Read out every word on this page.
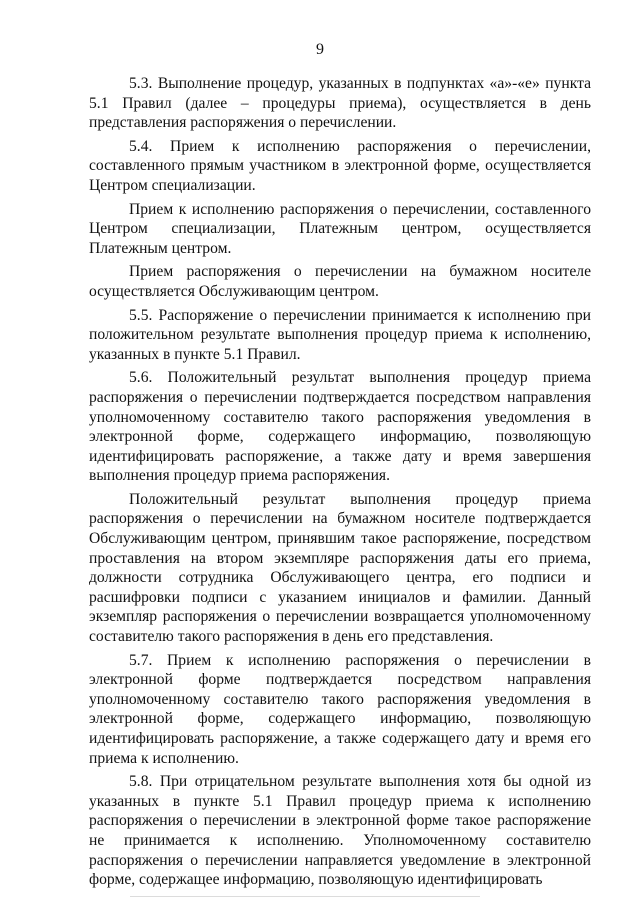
9

5.3. Выполнение процедур, указанных в подпунктах «а»-«е» пункта 5.1 Правил (далее – процедуры приема), осуществляется в день представления распоряжения о перечислении.

5.4. Прием к исполнению распоряжения о перечислении, составленного прямым участником в электронной форме, осуществляется Центром специализации.

Прием к исполнению распоряжения о перечислении, составленного Центром специализации, Платежным центром, осуществляется Платежным центром.

Прием распоряжения о перечислении на бумажном носителе осуществляется Обслуживающим центром.

5.5. Распоряжение о перечислении принимается к исполнению при положительном результате выполнения процедур приема к исполнению, указанных в пункте 5.1 Правил.

5.6. Положительный результат выполнения процедур приема распоряжения о перечислении подтверждается посредством направления уполномоченному составителю такого распоряжения уведомления в электронной форме, содержащего информацию, позволяющую идентифицировать распоряжение, а также дату и время завершения выполнения процедур приема распоряжения.

Положительный результат выполнения процедур приема распоряжения о перечислении на бумажном носителе подтверждается Обслуживающим центром, принявшим такое распоряжение, посредством проставления на втором экземпляре распоряжения даты его приема, должности сотрудника Обслуживающего центра, его подписи и расшифровки подписи с указанием инициалов и фамилии. Данный экземпляр распоряжения о перечислении возвращается уполномоченному составителю такого распоряжения в день его представления.

5.7. Прием к исполнению распоряжения о перечислении в электронной форме подтверждается посредством направления уполномоченному составителю такого распоряжения уведомления в электронной форме, содержащего информацию, позволяющую идентифицировать распоряжение, а также содержащего дату и время его приема к исполнению.

5.8. При отрицательном результате выполнения хотя бы одной из указанных в пункте 5.1 Правил процедур приема к исполнению распоряжения о перечислении в электронной форме такое распоряжение не принимается к исполнению. Уполномоченному составителю распоряжения о перечислении направляется уведомление в электронной форме, содержащее информацию, позволяющую идентифицировать
